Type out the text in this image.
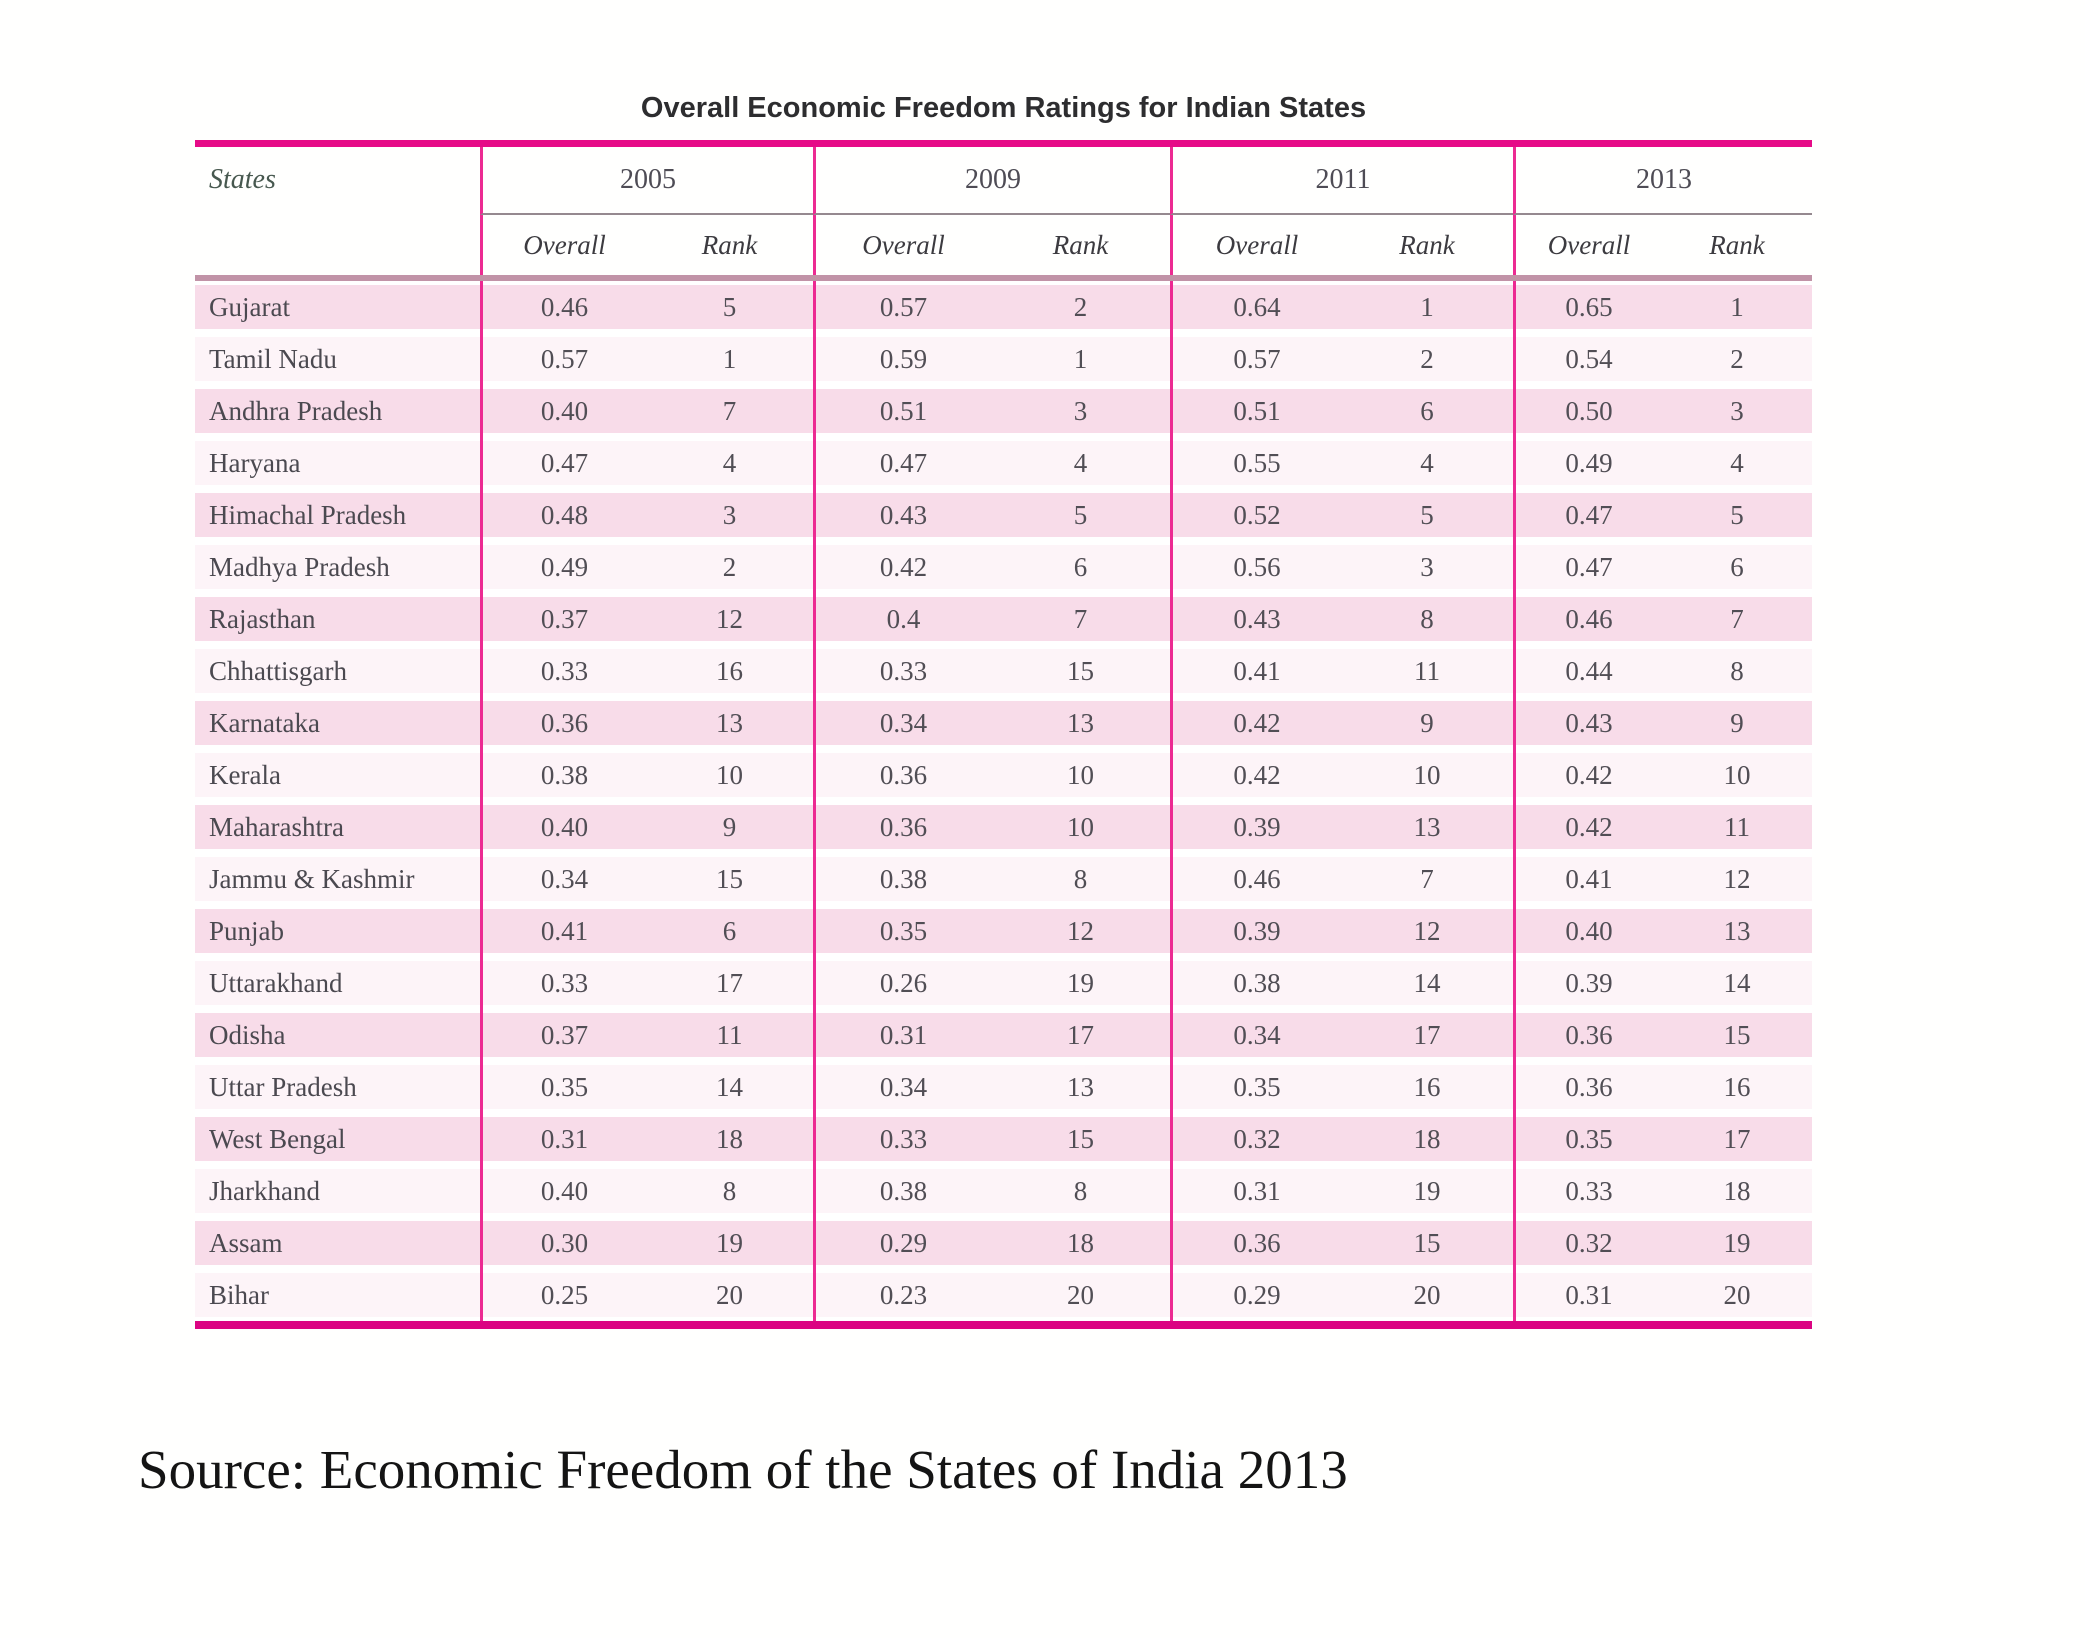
Overall Economic Freedom Ratings for Indian States
States	2005	2009	2011	2013
Overall	Rank	Overall	Rank	Overall	Rank	Overall	Rank
Gujarat	0.46	5	0.57	2	0.64	1	0.65	1
Tamil Nadu	0.57	1	0.59	1	0.57	2	0.54	2
Andhra Pradesh	0.40	7	0.51	3	0.51	6	0.50	3
Haryana	0.47	4	0.47	4	0.55	4	0.49	4
Himachal Pradesh	0.48	3	0.43	5	0.52	5	0.47	5
Madhya Pradesh	0.49	2	0.42	6	0.56	3	0.47	6
Rajasthan	0.37	12	0.4	7	0.43	8	0.46	7
Chhattisgarh	0.33	16	0.33	15	0.41	11	0.44	8
Karnataka	0.36	13	0.34	13	0.42	9	0.43	9
Kerala	0.38	10	0.36	10	0.42	10	0.42	10
Maharashtra	0.40	9	0.36	10	0.39	13	0.42	11
Jammu & Kashmir	0.34	15	0.38	8	0.46	7	0.41	12
Punjab	0.41	6	0.35	12	0.39	12	0.40	13
Uttarakhand	0.33	17	0.26	19	0.38	14	0.39	14
Odisha	0.37	11	0.31	17	0.34	17	0.36	15
Uttar Pradesh	0.35	14	0.34	13	0.35	16	0.36	16
West Bengal	0.31	18	0.33	15	0.32	18	0.35	17
Jharkhand	0.40	8	0.38	8	0.31	19	0.33	18
Assam	0.30	19	0.29	18	0.36	15	0.32	19
Bihar	0.25	20	0.23	20	0.29	20	0.31	20
Source: Economic Freedom of the States of India 2013
